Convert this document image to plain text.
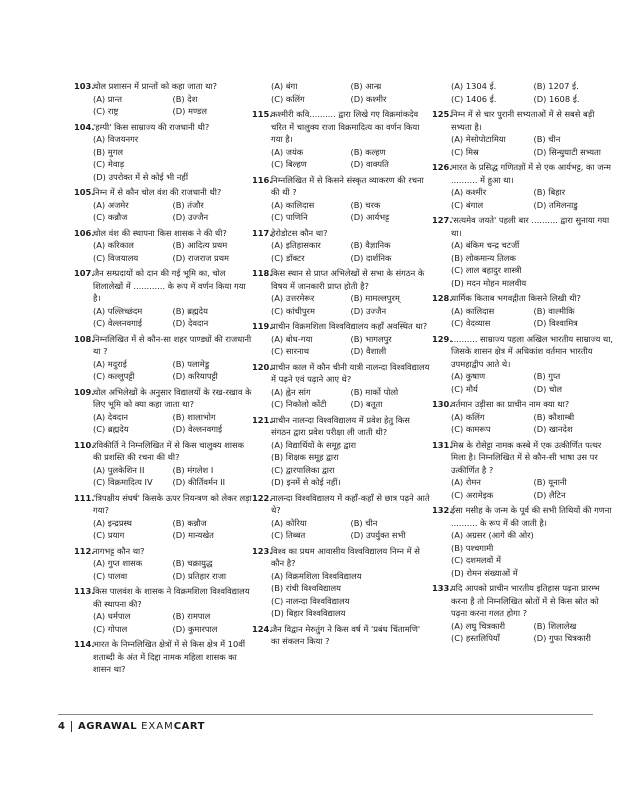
103.
चोल प्रशासन में प्रान्तों को कहा जाता था?
(A) प्रान्त	(B) देश
(C) राष्ट्र	(D) मण्डल
104.
'हम्पी' किस साम्राज्य की राजधानी थी?
(A) विजयनगर
(B) मुगल
(C) मेवाड़
(D) उपरोक्त में से कोई भी नहीं
105.
निम्न में से कौन चोल वंश की राजधानी थी?
(A) अजमेर	(B) तंजौर
(C) कन्नौज	(D) उज्जैन
106.
चोल वंश की स्थापना किस शासक ने की थी?
(A) करिकाल	(B) आदित्य प्रथम
(C) विजयालय	(D) राजराज प्रथम
107.
जैन सम्प्रदायों को दान की गई भूमि का, चोल शिलालेखों में ............ के रूप में वर्णन किया गया है।
(A) पल्लिच्छंदम	(B) ब्रह्मदेय
(C) वेल्लनवगाई	(D) देवदान
108.
निम्नलिखित में से कौन-सा शहर पाण्ड्यों की राजधानी था ?
(A) मदुराई	(B) पलामेडु
(C) कल्लुपट्टी	(D) करियापट्टी
109.
चोल अभिलेखों के अनुसार विद्यालयों के रख-रखाव के लिए भूमि को क्या कहा जाता था?
(A) देवदान	(B) शालाभोग
(C) ब्रह्मदेय	(D) वेल्लनवगाई
110.
रविकीर्ति ने निम्नलिखित में से किस चालुक्य शासक की प्रशस्ति की रचना की थी?
(A) पुलकेशिन II	(B) मंगलेश I
(C) विक्रमादित्य IV	(D) कीर्तिवर्मन II
111.
'त्रिपक्षीय संघर्ष' किसके ऊपर नियन्त्रण को लेकर लड़ा गया?
(A) इन्द्रप्रस्थ	(B) कन्नौज
(C) प्रयाग	(D) मान्यखेत
112.
नागभट्ट कौन था?
(A) गुप्त शासक	(B) चक्रायुद्ध
(C) पालवा	(D) प्रतिहार राजा
113.
किस पालवंश के शासक ने विक्रमशिला विश्वविद्यालय की स्थापना की?
(A) धर्मपाल	(B) रामपाल
(C) गोपाल	(D) कुमारपाल
114.
भारत के निम्नलिखित क्षेत्रों में से किस क्षेत्र में 10वीं शताब्दी के अंत में दिद्दा नामक महिला शासक का शासन था?
(A) बंगा	(B) आन्ध्र
(C) कलिंग	(D) कश्मीर
115.
कश्मीरी कवि.......... द्वारा लिखे गए विक्रमांकदेव चरित में चालुक्य राजा विक्रमादित्य का वर्णन किया गया है।
(A) जयंक	(B) कल्हण
(C) बिल्हण	(D) वाक्पति
116.
निम्नलिखित में से किसने संस्कृत व्याकरण की रचना की थी ?
(A) कालिदास	(B) चरक
(C) पाणिनि	(D) आर्यभट्ट
117.
हेरोडोटस कौन था?
(A) इतिहासकार	(B) वैज्ञानिक
(C) डॉक्टर	(D) दार्शनिक
118.
किस स्थान से प्राप्त अभिलेखों से सभा के संगठन के विषय में जानकारी प्राप्त होती है?
(A) उत्तरमेरूर	(B) मामल्लपुरम्
(C) कांचीपुरम	(D) उज्जैन
119.
प्राचीन विक्रमशिला विश्वविद्यालय कहाँ अवस्थित था?
(A) बोध-गया	(B) भागलपुर
(C) सारनाथ	(D) वैशाली
120.
प्राचीन काल में कौन चीनी यात्री नालन्दा विश्वविद्यालय में पढ़ने एवं पढ़ाने आए थे?
(A) ह्वेन सांग	(B) मार्को पोलो
(C) निकोलो कोंटी	(D) बतूता
121.
प्राचीन नालन्दा विश्वविद्यालय में प्रवेश हेतु किस संगठन द्वारा प्रवेश परीक्षा ली जाती थी?
(A) विद्यार्थियों के समूह द्वारा
(B) शिक्षक समूह द्वारा
(C) द्वारपालिका द्वारा
(D) इनमें से कोई नहीं।
122.
नालन्दा विश्वविद्यालय में कहाँ-कहाँ से छात्र पढ़ने आते थे?
(A) कोरिया	(B) चीन
(C) तिब्बत	(D) उपर्युक्त सभी
123.
विश्व का प्रथम आवासीय विश्वविद्यालय निम्न में से कौन है?
(A) विक्रमशिला विश्वविद्यालय
(B) रांची विश्वविद्यालय
(C) नालन्दा विश्वविद्यालय
(D) बिहार विश्वविद्यालय
124.
जैन विद्वान मेरुतुंग ने किस वर्ष में 'प्रबंध चिंतामणि' का संकलन किया ?
(A) 1304 ई.	(B) 1207 ई.
(C) 1406 ई.	(D) 1608 ई.
125.
निम्न में से चार पुरानी सभ्यताओं में से सबसे बड़ी सभ्यता है।
(A) मेसोपोटामिया	(B) चीन
(C) मिस्र	(D) सिन्धुघाटी सभ्यता
126.
भारत के प्रसिद्ध गणितज्ञों में से एक आर्यभट्ट, का जन्म .......... में हुआ था।
(A) कश्मीर	(B) बिहार
(C) बंगाल	(D) तमिलनाडु
127.
'सत्यमेव जयते' पहली बार .......... द्वारा सुनाया गया था।
(A) बंकिम चन्द्र चटर्जी
(B) लोकमान्य तिलक
(C) लाल बहादुर शास्त्री
(D) मदन मोहन मालवीय
128.
धार्मिक किताब भगवद्गीता किसने लिखी थी?
(A) कालिदास	(B) वाल्मीकि
(C) वेदव्यास	(D) विश्वामित्र
129.
.......... साम्राज्य पहला अखिल भारतीय साम्राज्य था, जिसके शासन क्षेत्र में अधिकांश वर्तमान भारतीय उपमहाद्वीप आते थे।
(A) कुषाण	(B) गुप्त
(C) मौर्य	(D) चोल
130.
वर्तमान उड़ीसा का प्राचीन नाम क्या था?
(A) कलिंग	(B) कौशाम्बी
(C) कामरूप	(D) खानदेश
131.
मिस्र के रोसेट्टा नामक कस्बे में एक उत्कीर्णित पत्थर मिला है। निम्नलिखित में से कौन-सी भाषा उस पर उत्कीर्णित है ?
(A) रोमन	(B) यूनानी
(C) अरामेइक	(D) लैटिन
132.
ईसा मसीह के जन्म के पूर्व की सभी तिथियों की गणना .......... के रूप में की जाती है।
(A) अग्रसर (आगे की ओर)
(B) पश्चगामी
(C) दशमलवों में
(D) रोमन संख्याओं में
133.
यदि आपको प्राचीन भारतीय इतिहास पढ़ना प्रारम्भ करना है तो निम्नलिखित स्रोतों में से किस स्रोत को पढ़ना करना गलत होगा ?
(A) लघु चित्रकारी	(B) शिलालेख
(C) हस्तलिपियाँ	(D) गुफा चित्रकारी
4 AGRAWAL EXAMCART
